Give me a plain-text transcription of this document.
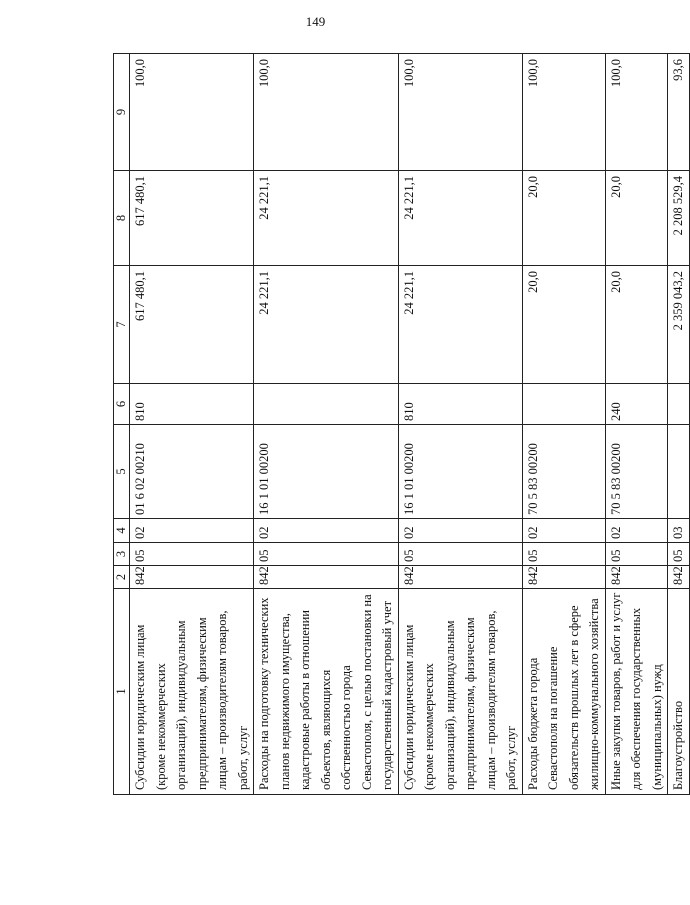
149
1	2	3	4	5	6	7	8	9
Субсидии юридическим лицам (кроме некоммерческих организаций), индивидуальным предпринимателям, физическим лицам – производителям товаров, работ, услуг	842	05	02	01 6 02 00210	810	617 480,1	617 480,1	100,0
Расходы на подготовку технических планов недвижимого имущества, кадастровые работы в отношении объектов, являющихся собственностью города Севастополя, с целью постановки на государственный кадастровый учет	842	05	02	16 1 01 00200		24 221,1	24 221,1	100,0
Субсидии юридическим лицам (кроме некоммерческих организаций), индивидуальным предпринимателям, физическим лицам – производителям товаров, работ, услуг	842	05	02	16 1 01 00200	810	24 221,1	24 221,1	100,0
Расходы бюджета города Севастополя на погашение обязательств прошлых лет в сфере жилищно-коммунального хозяйства	842	05	02	70 5 83 00200		20,0	20,0	100,0
Иные закупки товаров, работ и услуг для обеспечения государственных (муниципальных) нужд	842	05	02	70 5 83 00200	240	20,0	20,0	100,0
Благоустройство	842	05	03			2 359 043,2	2 208 529,4	93,6
